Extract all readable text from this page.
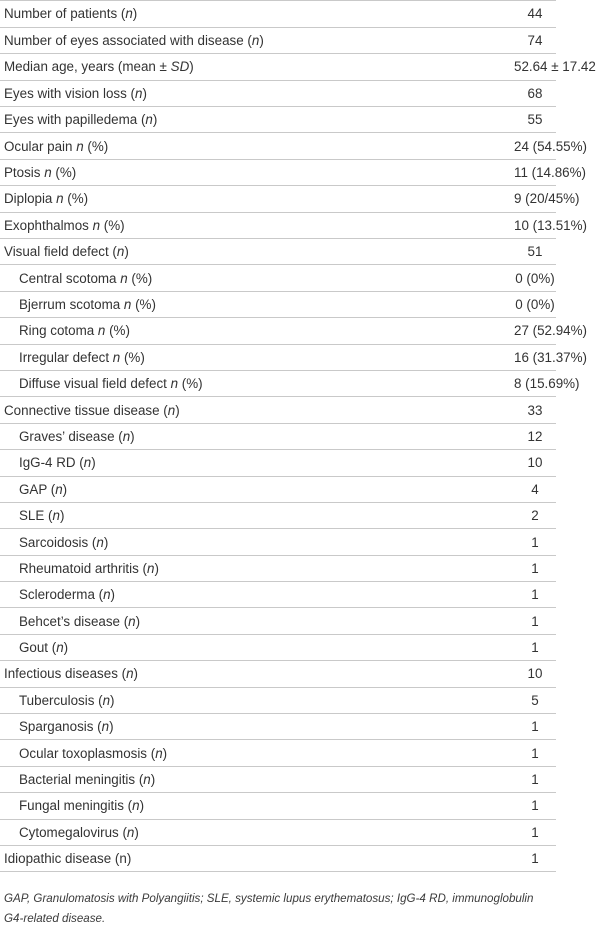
Number of patients (n)	44
Number of eyes associated with disease (n)	74
Median age, years (mean ± SD)	52.64 ± 17.42
Eyes with vision loss (n)	68
Eyes with papilledema (n)	55
Ocular pain n (%)	24 (54.55%)
Ptosis n (%)	11 (14.86%)
Diplopia n (%)	9 (20/45%)
Exophthalmos n (%)	10 (13.51%)
Visual field defect (n)	51
Central scotoma n (%)	0 (0%)
Bjerrum scotoma n (%)	0 (0%)
Ring cotoma n (%)	27 (52.94%)
Irregular defect n (%)	16 (31.37%)
Diffuse visual field defect n (%)	8 (15.69%)
Connective tissue disease (n)	33
Graves’ disease (n)	12
IgG-4 RD (n)	10
GAP (n)	4
SLE (n)	2
Sarcoidosis (n)	1
Rheumatoid arthritis (n)	1
Scleroderma (n)	1
Behcet’s disease (n)	1
Gout (n)	1
Infectious diseases (n)	10
Tuberculosis (n)	5
Sparganosis (n)	1
Ocular toxoplasmosis (n)	1
Bacterial meningitis (n)	1
Fungal meningitis (n)	1
Cytomegalovirus (n)	1
Idiopathic disease (n)	1
GAP, Granulomatosis with Polyangiitis; SLE, systemic lupus erythematosus; IgG-4 RD, immunoglobulin G4-related disease.
